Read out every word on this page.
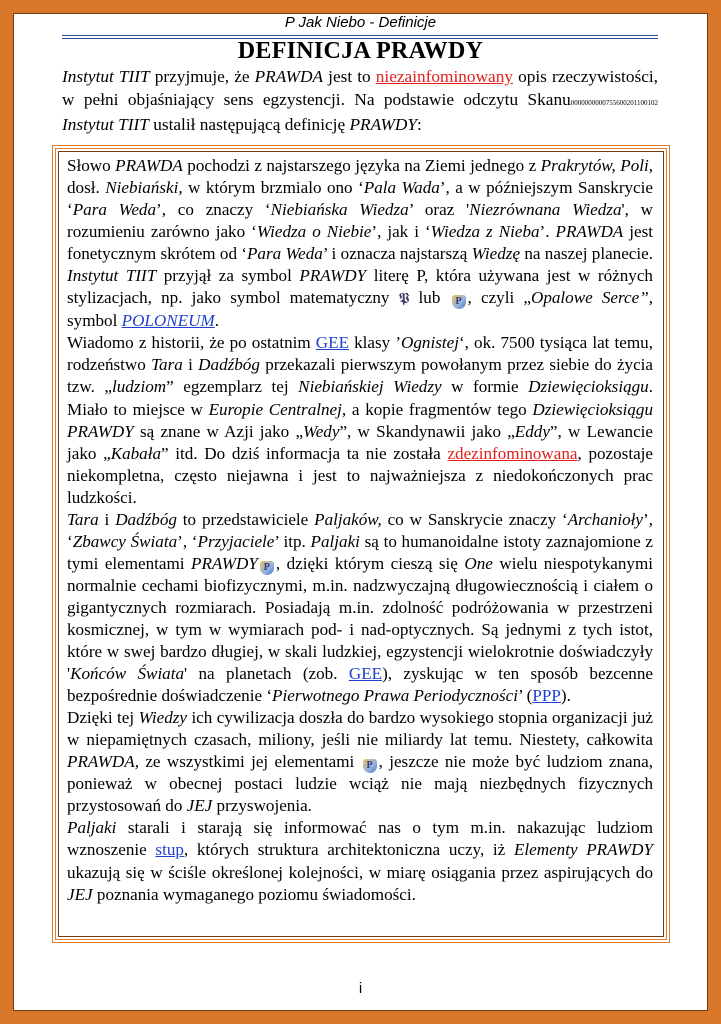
P Jak Niebo - Definicje
DEFINICJA PRAWDY
Instytut TIIT przyjmuje, że PRAWDA jest to niezainfominowany opis rzeczywistości, w pełni objaśniający sens egzystencji. Na podstawie odczytu Skanu0000000000755600201100102 Instytut TIIT ustalił następującą definicję PRAWDY:

Słowo PRAWDA pochodzi z najstarszego języka na Ziemi jednego z Prakrytów, Poli, dosł. Niebiański, w którym brzmialo ono ‘Pala Wada’, a w późniejszym Sanskrycie ‘Para Weda’, co znaczy ‘Niebiańska Wiedza’ oraz 'Niezrównana Wiedza', w rozumieniu zarówno jako ‘Wiedza o Niebie’, jak i ‘Wiedza z Nieba’. PRAWDA jest fonetycznym skrótem od ‘Para Weda’ i oznacza najstarszą Wiedzę na naszej planecie. Instytut TIIT przyjął za symbol PRAWDY literę P, która używana jest w różnych stylizacjach, np. jako symbol matematyczny 𝕻 lub P , czyli „Opalowe Serce”, symbol POLONEUM.

Wiadomo z historii, że po ostatnim GEE klasy ’Ognistej‘, ok. 7500 tysiąca lat temu, rodzeństwo Tara i Dadźbóg przekazali pierwszym powołanym przez siebie do życia tzw. „ludziom” egzemplarz tej Niebiańskiej Wiedzy w formie Dziewięcioksiągu. Miało to miejsce w Europie Centralnej, a kopie fragmentów tego Dziewięcioksiągu PRAWDY są znane w Azji jako „Wedy”, w Skandynawii jako „Eddy”, w Lewancie jako „Kabała” itd. Do dziś informacja ta nie została zdezinfominowana, pozostaje niekompletna, często niejawna i jest to najważniejsza z niedokończonych prac ludzkości.

Tara i Dadźbóg to przedstawiciele Paljaków, co w Sanskrycie znaczy ‘Archanioły’, ‘Zbawcy Świata’, ‘Przyjaciele’ itp. Paljaki są to humanoidalne istoty zaznajomione z tymi elementami PRAWDY P , dzięki którym cieszą się One wielu niespotykanymi normalnie cechami biofizycznymi, m.in. nadzwyczajną długowiecznością i ciałem o gigantycznych rozmiarach. Posiadają m.in. zdolność podróżowania w przestrzeni kosmicznej, w tym w wymiarach pod- i nad-optycznych. Są jednymi z tych istot, które w swej bardzo długiej, w skali ludzkiej, egzystencji wielokrotnie doświadczyły 'Końców Świata' na planetach (zob. GEE), zyskując w ten sposób bezcenne bezpośrednie doświadczenie ‘Pierwotnego Prawa Periodyczności’ (PPP).

Dzięki tej Wiedzy ich cywilizacja doszła do bardzo wysokiego stopnia organizacji już w niepamiętnych czasach, miliony, jeśli nie miliardy lat temu. Niestety, całkowita PRAWDA, ze wszystkimi jej elementami P , jeszcze nie może być ludziom znana, ponieważ w obecnej postaci ludzie wciąż nie mają niezbędnych fizycznych przystosowań do JEJ przyswojenia.

Paljaki starali i starają się informować nas o tym m.in. nakazując ludziom wznoszenie stup, których struktura architektoniczna uczy, iż Elementy PRAWDY ukazują się w ściśle określonej kolejności, w miarę osiągania przez aspirujących do JEJ poznania wymaganego poziomu świadomości.

i
